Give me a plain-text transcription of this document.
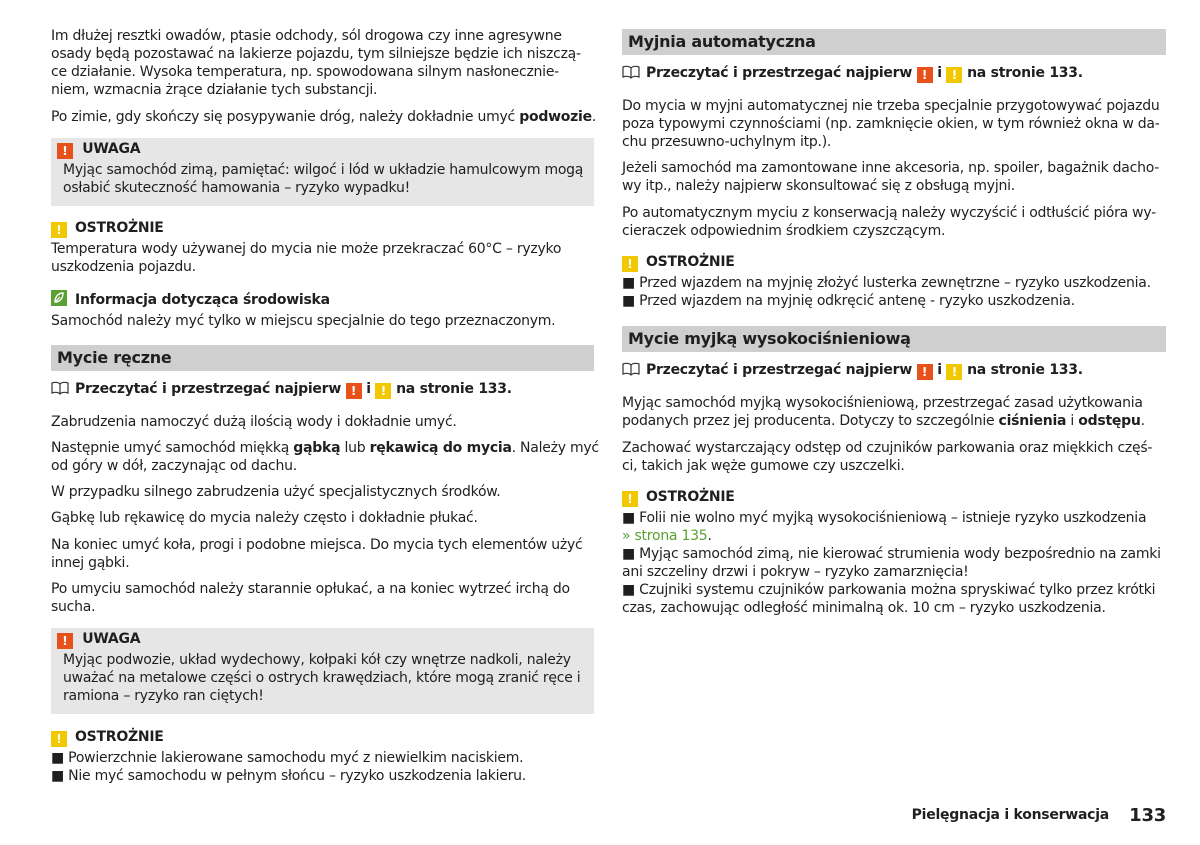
Im dłużej resztki owadów, ptasie odchody, sól drogowa czy inne agresywne
osady będą pozostawać na lakierze pojazdu, tym silniejsze będzie ich niszczą-
ce działanie. Wysoka temperatura, np. spowodowana silnym nasłonecznie-
niem, wzmacnia żrące działanie tych substancji.
Po zimie, gdy skończy się posypywanie dróg, należy dokładnie umyć podwozie.
! UWAGA
Myjąc samochód zimą, pamiętać: wilgoć i lód w układzie hamulcowym mogą
osłabić skuteczność hamowania – ryzyko wypadku!
! OSTROŻNIE
Temperatura wody używanej do mycia nie może przekraczać 60°C – ryzyko
uszkodzenia pojazdu.
Informacja dotycząca środowiska
Samochód należy myć tylko w miejscu specjalnie do tego przeznaczonym.
Mycie ręczne
Przeczytać i przestrzegać najpierw ! i ! na stronie 133.
Zabrudzenia namoczyć dużą ilością wody i dokładnie umyć.
Następnie umyć samochód miękką gąbką lub rękawicą do mycia. Należy myć
od góry w dół, zaczynając od dachu.
W przypadku silnego zabrudzenia użyć specjalistycznych środków.
Gąbkę lub rękawicę do mycia należy często i dokładnie płukać.
Na koniec umyć koła, progi i podobne miejsca. Do mycia tych elementów użyć
innej gąbki.
Po umyciu samochód należy starannie opłukać, a na koniec wytrzeć irchą do
sucha.
! UWAGA
Myjąc podwozie, układ wydechowy, kołpaki kół czy wnętrze nadkoli, należy
uważać na metalowe części o ostrych krawędziach, które mogą zranić ręce i
ramiona – ryzyko ran ciętych!
! OSTROŻNIE
■ Powierzchnie lakierowane samochodu myć z niewielkim naciskiem.
■ Nie myć samochodu w pełnym słońcu – ryzyko uszkodzenia lakieru.
Myjnia automatyczna
Przeczytać i przestrzegać najpierw ! i ! na stronie 133.
Do mycia w myjni automatycznej nie trzeba specjalnie przygotowywać pojazdu
poza typowymi czynnościami (np. zamknięcie okien, w tym również okna w da-
chu przesuwno-uchylnym itp.).
Jeżeli samochód ma zamontowane inne akcesoria, np. spoiler, bagażnik dacho-
wy itp., należy najpierw skonsultować się z obsługą myjni.
Po automatycznym myciu z konserwacją należy wyczyścić i odtłuścić pióra wy-
cieraczek odpowiednim środkiem czyszczącym.
! OSTROŻNIE
■ Przed wjazdem na myjnię złożyć lusterka zewnętrzne – ryzyko uszkodzenia.
■ Przed wjazdem na myjnię odkręcić antenę - ryzyko uszkodzenia.
Mycie myjką wysokociśnieniową
Przeczytać i przestrzegać najpierw ! i ! na stronie 133.
Myjąc samochód myjką wysokociśnieniową, przestrzegać zasad użytkowania
podanych przez jej producenta. Dotyczy to szczególnie ciśnienia i odstępu.
Zachować wystarczający odstęp od czujników parkowania oraz miękkich częś-
ci, takich jak węże gumowe czy uszczelki.
! OSTROŻNIE
■ Folii nie wolno myć myjką wysokociśnieniową – istnieje ryzyko uszkodzenia
» strona 135.
■ Myjąc samochód zimą, nie kierować strumienia wody bezpośrednio na zamki
ani szczeliny drzwi i pokryw – ryzyko zamarznięcia!
■ Czujniki systemu czujników parkowania można spryskiwać tylko przez krótki
czas, zachowując odległość minimalną ok. 10 cm – ryzyko uszkodzenia.
Pielęgnacja i konserwacja 133
